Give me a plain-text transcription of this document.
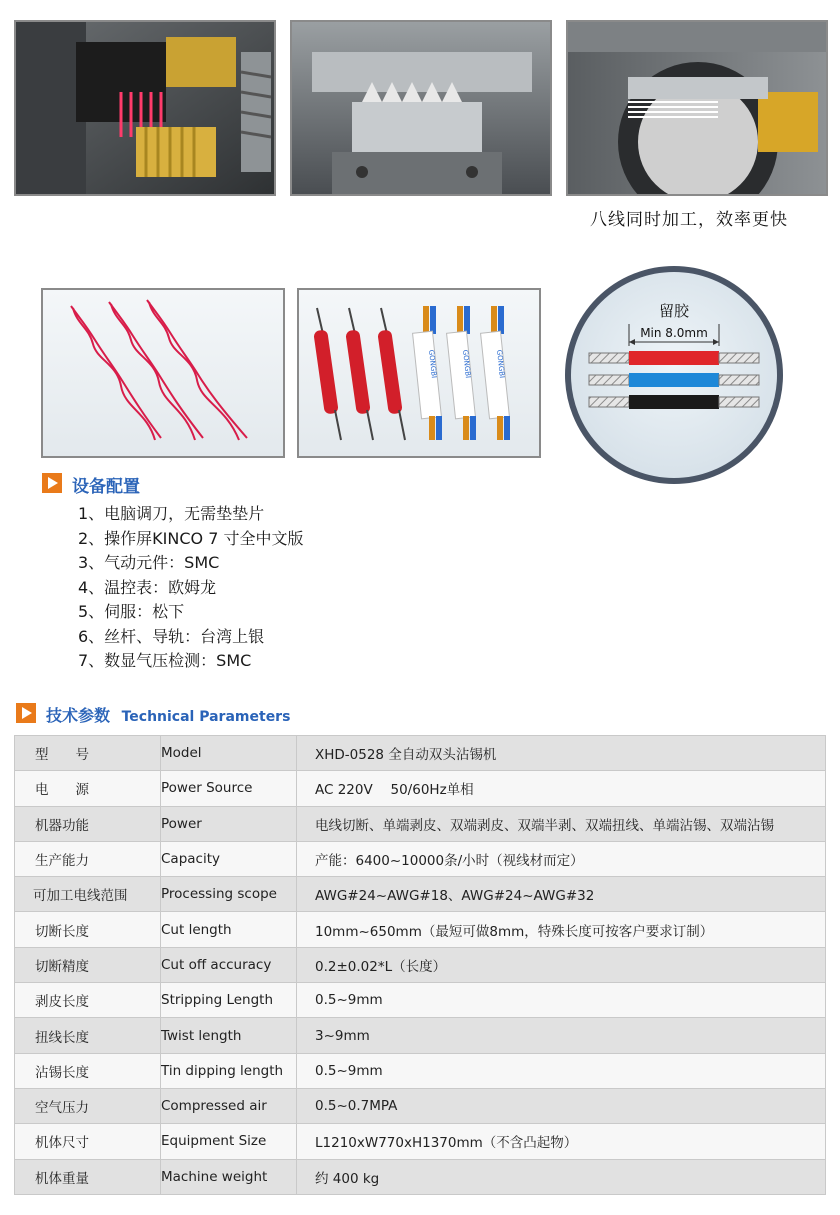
八线同时加工，效率更快
GONGBI	GONGBI	GONGBI
留胶
Min 8.0mm
设备配置
1、电脑调刀，无需垫垫片
2、操作屏KINCO 7 寸全中文版
3、气动元件：SMC
4、温控表：欧姆龙
5、伺服：松下
6、丝杆、导轨：台湾上银
7、数显气压检测：SMC
技术参数 Technical Parameters
型　　号	Model	XHD-0528 全自动双头沾锡机
电　　源	Power Source	AC 220V　 50/60Hz单相
机器功能	Power	电线切断、单端剥皮、双端剥皮、双端半剥、双端扭线、单端沾锡、双端沾锡
生产能力	Capacity	产能：6400~10000条/小时（视线材而定）
可加工电线范围	Processing scope	AWG#24~AWG#18、AWG#24~AWG#32
切断长度	Cut length	10mm~650mm（最短可做8mm，特殊长度可按客户要求订制）
切断精度	Cut off accuracy	0.2±0.02*L（长度）
剥皮长度	Stripping Length	0.5~9mm
扭线长度	Twist length	3~9mm
沾锡长度	Tin dipping length	0.5~9mm
空气压力	Compressed air	0.5~0.7MPA
机体尺寸	Equipment Size	L1210xW770xH1370mm（不含凸起物）
机体重量	Machine weight	约 400 kg
